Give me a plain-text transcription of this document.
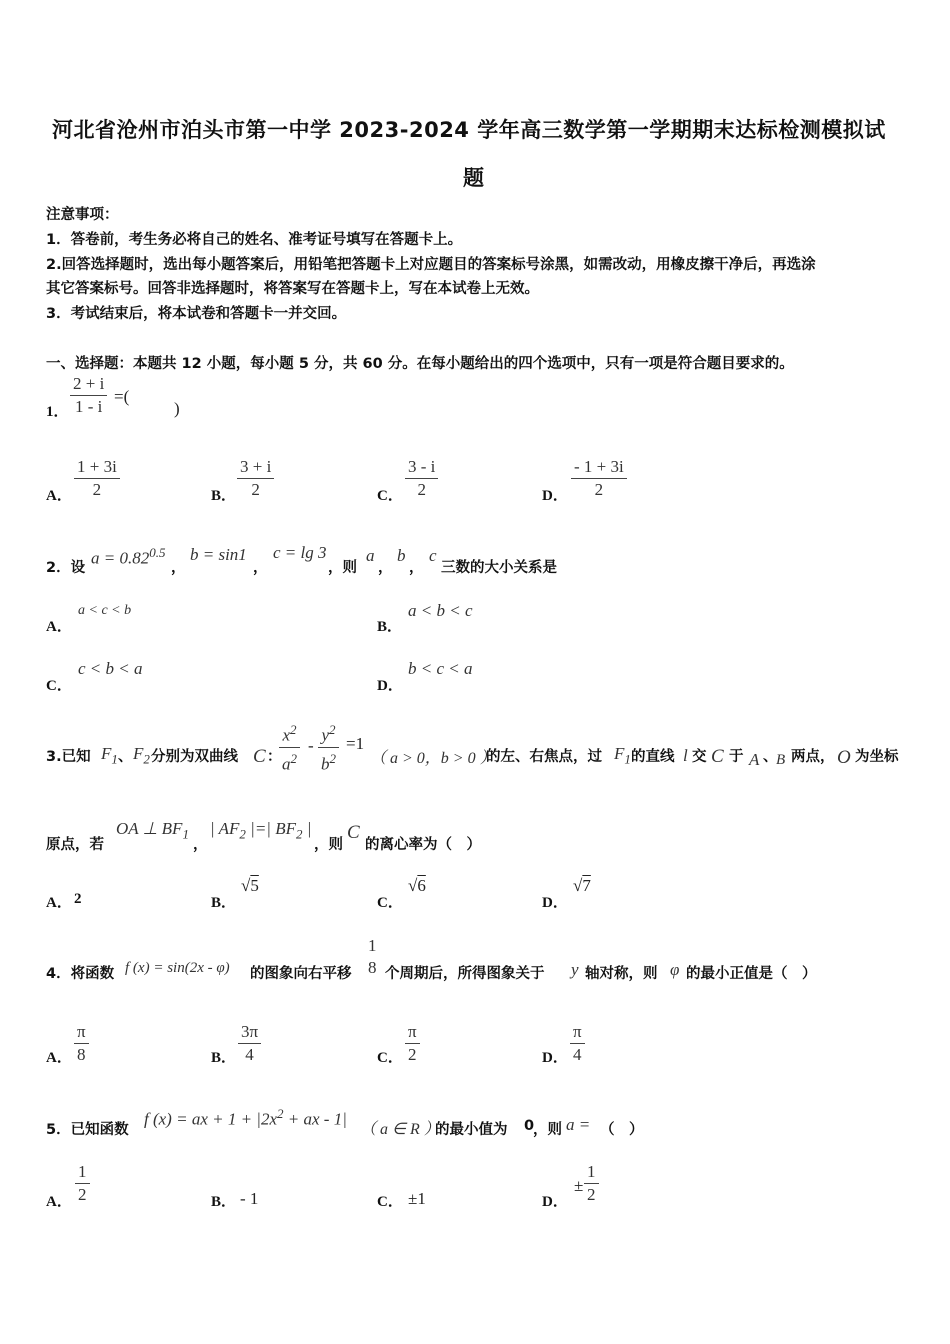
河北省沧州市泊头市第一中学 2023-2024 学年高三数学第一学期期末达标检测模拟试
题
注意事项：
1．答卷前，考生务必将自己的姓名、准考证号填写在答题卡上。
2.回答选择题时，选出每小题答案后，用铅笔把答题卡上对应题目的答案标号涂黑，如需改动，用橡皮擦干净后，再选涂
其它答案标号。回答非选择题时，将答案写在答题卡上，写在本试卷上无效。
3．考试结束后，将本试卷和答题卡一并交回。
一、选择题：本题共 12 小题，每小题 5 分，共 60 分。在每小题给出的四个选项中，只有一项是符合题目要求的。
1． $\frac{2 + i}{1 - i}$ =(
)
A． $\frac{1 + 3i}{2}$	B． $\frac{3 + i}{2}$	C． $\frac{3 - i}{2}$	D． $\frac{- 1 + 3i}{2}$
2．设
$a = 0.82^{0.5}$
，
b = sin1
，
c = lg 3
，则
a
，
b
，
c
三数的大小关系是
A．
a < c < b
B．
a < b < c
C．
c < b < a
D．
b < c < a
3.已知 $F_1$ 、 $F_2$ 分别为双曲线 C ：
$\frac{x^2}{a^2} - \frac{y^2}{b^2} =1$
（ a > 0，b > 0 ）
的左、右焦点，过 $F_1$ 的直线 l 交 C 于 A 、
B 两点， O 为坐标
原点，若
OA ⊥ $BF_1$
，
| $AF_2$ |=| $BF_2$ |
，则
C
的离心率为（　）
A． 2	B．
√5
C．
√6
D．
√7
4．将函数 f (x) = sin(2x - φ) 的图象向右平移
1
8 个周期后，所得图象关于 y 轴对称，则 φ 的最小正值是（　）
A． $\frac{\pi}{8}$	B． $\frac{3\pi}{4}$	C． $\frac{\pi}{2}$	D． $\frac{\pi}{4}$
5．已知函数
f (x) = ax + $1 + |2x^2$ + ax - 1|
（ a ∈ R ）
的最小值为 0
，则 a = （　）
A． $\frac{1}{2}$	B． - 1	C． ±1	D．
± $\frac{1}{2}$
